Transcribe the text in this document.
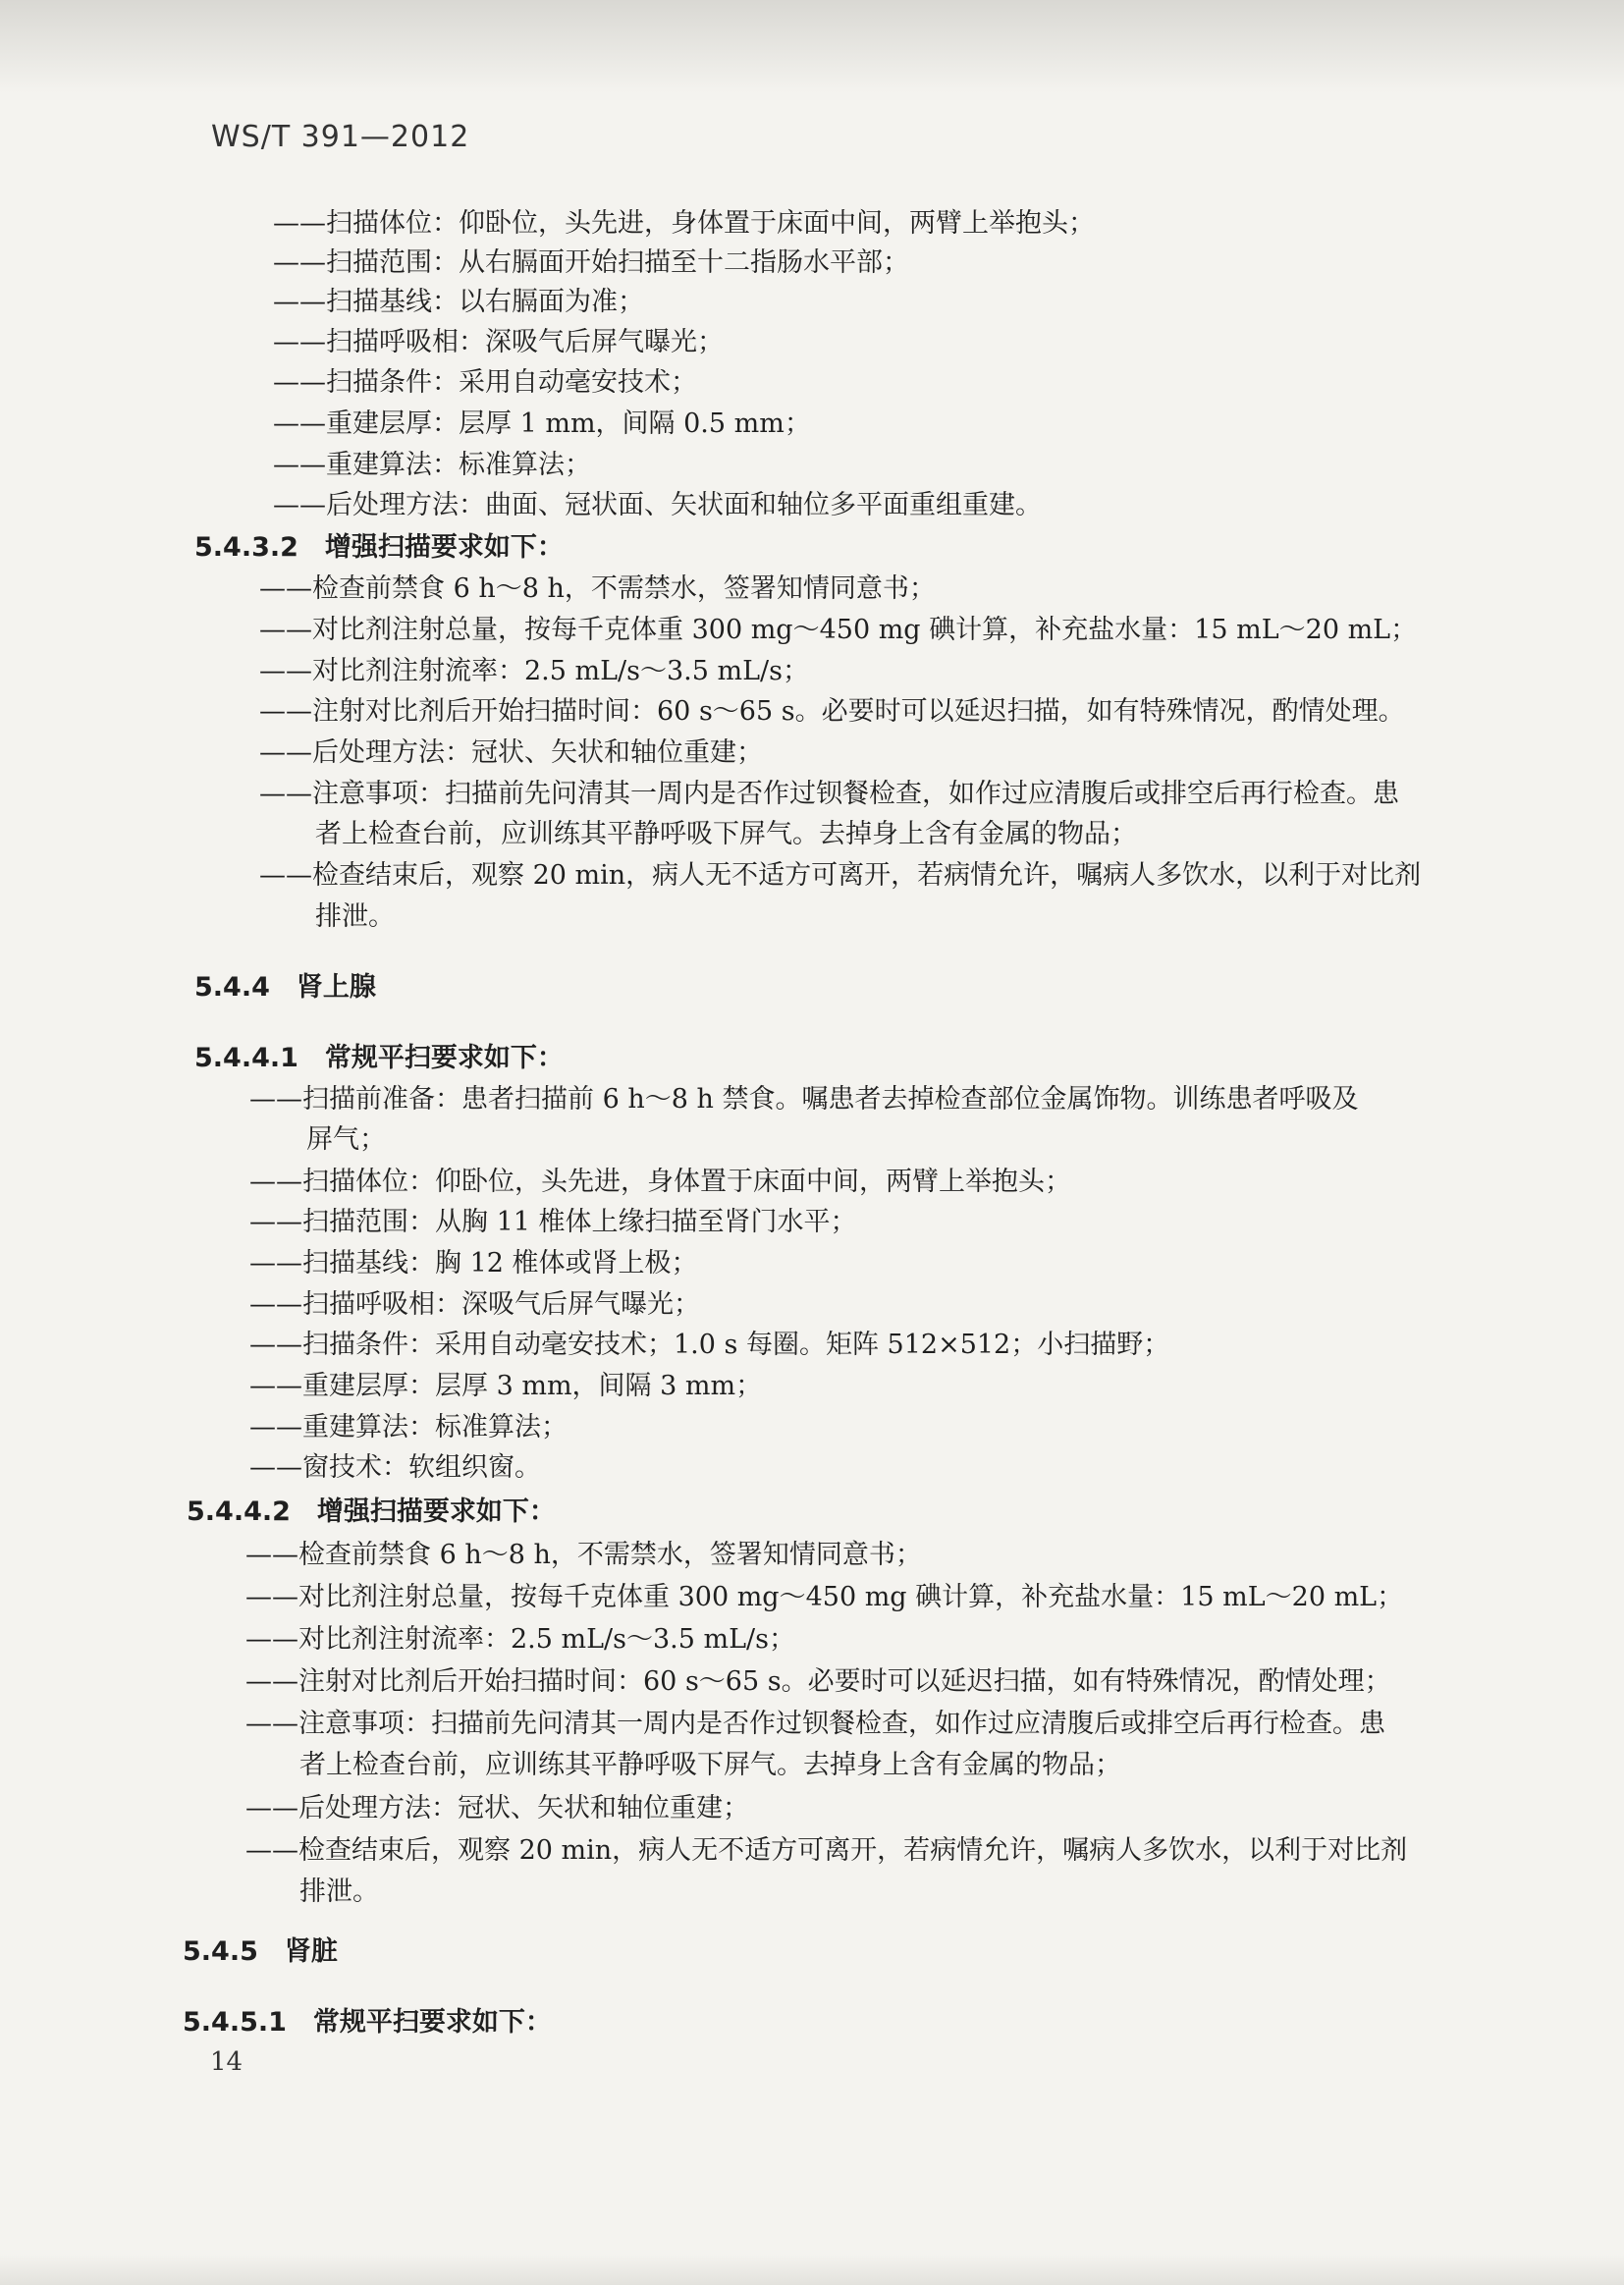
WS/T 391—2012
——扫描体位：仰卧位，头先进，身体置于床面中间，两臂上举抱头；
——扫描范围：从右膈面开始扫描至十二指肠水平部；
——扫描基线：以右膈面为准；
——扫描呼吸相：深吸气后屏气曝光；
——扫描条件：采用自动毫安技术；
——重建层厚：层厚 1 mm，间隔 0.5 mm；
——重建算法：标准算法；
——后处理方法：曲面、冠状面、矢状面和轴位多平面重组重建。
5.4.3.2　增强扫描要求如下：
——检查前禁食 6 h～8 h，不需禁水，签署知情同意书；
——对比剂注射总量，按每千克体重 300 mg～450 mg 碘计算，补充盐水量：15 mL～20 mL；
——对比剂注射流率：2.5 mL/s～3.5 mL/s；
——注射对比剂后开始扫描时间：60 s～65 s。必要时可以延迟扫描，如有特殊情况，酌情处理。
——后处理方法：冠状、矢状和轴位重建；
——注意事项：扫描前先问清其一周内是否作过钡餐检查，如作过应清腹后或排空后再行检查。患
者上检查台前，应训练其平静呼吸下屏气。去掉身上含有金属的物品；
——检查结束后，观察 20 min，病人无不适方可离开，若病情允许，嘱病人多饮水，以利于对比剂
排泄。
5.4.4　肾上腺
5.4.4.1　常规平扫要求如下：
——扫描前准备：患者扫描前 6 h～8 h 禁食。嘱患者去掉检查部位金属饰物。训练患者呼吸及
屏气；
——扫描体位：仰卧位，头先进，身体置于床面中间，两臂上举抱头；
——扫描范围：从胸 11 椎体上缘扫描至肾门水平；
——扫描基线：胸 12 椎体或肾上极；
——扫描呼吸相：深吸气后屏气曝光；
——扫描条件：采用自动毫安技术；1.0 s 每圈。矩阵 512×512；小扫描野；
——重建层厚：层厚 3 mm，间隔 3 mm；
——重建算法：标准算法；
——窗技术：软组织窗。
5.4.4.2　增强扫描要求如下：
——检查前禁食 6 h～8 h，不需禁水，签署知情同意书；
——对比剂注射总量，按每千克体重 300 mg～450 mg 碘计算，补充盐水量：15 mL～20 mL；
——对比剂注射流率：2.5 mL/s～3.5 mL/s；
——注射对比剂后开始扫描时间：60 s～65 s。必要时可以延迟扫描，如有特殊情况，酌情处理；
——注意事项：扫描前先问清其一周内是否作过钡餐检查，如作过应清腹后或排空后再行检查。患
者上检查台前，应训练其平静呼吸下屏气。去掉身上含有金属的物品；
——后处理方法：冠状、矢状和轴位重建；
——检查结束后，观察 20 min，病人无不适方可离开，若病情允许，嘱病人多饮水，以利于对比剂
排泄。
5.4.5　肾脏
5.4.5.1　常规平扫要求如下：
14
